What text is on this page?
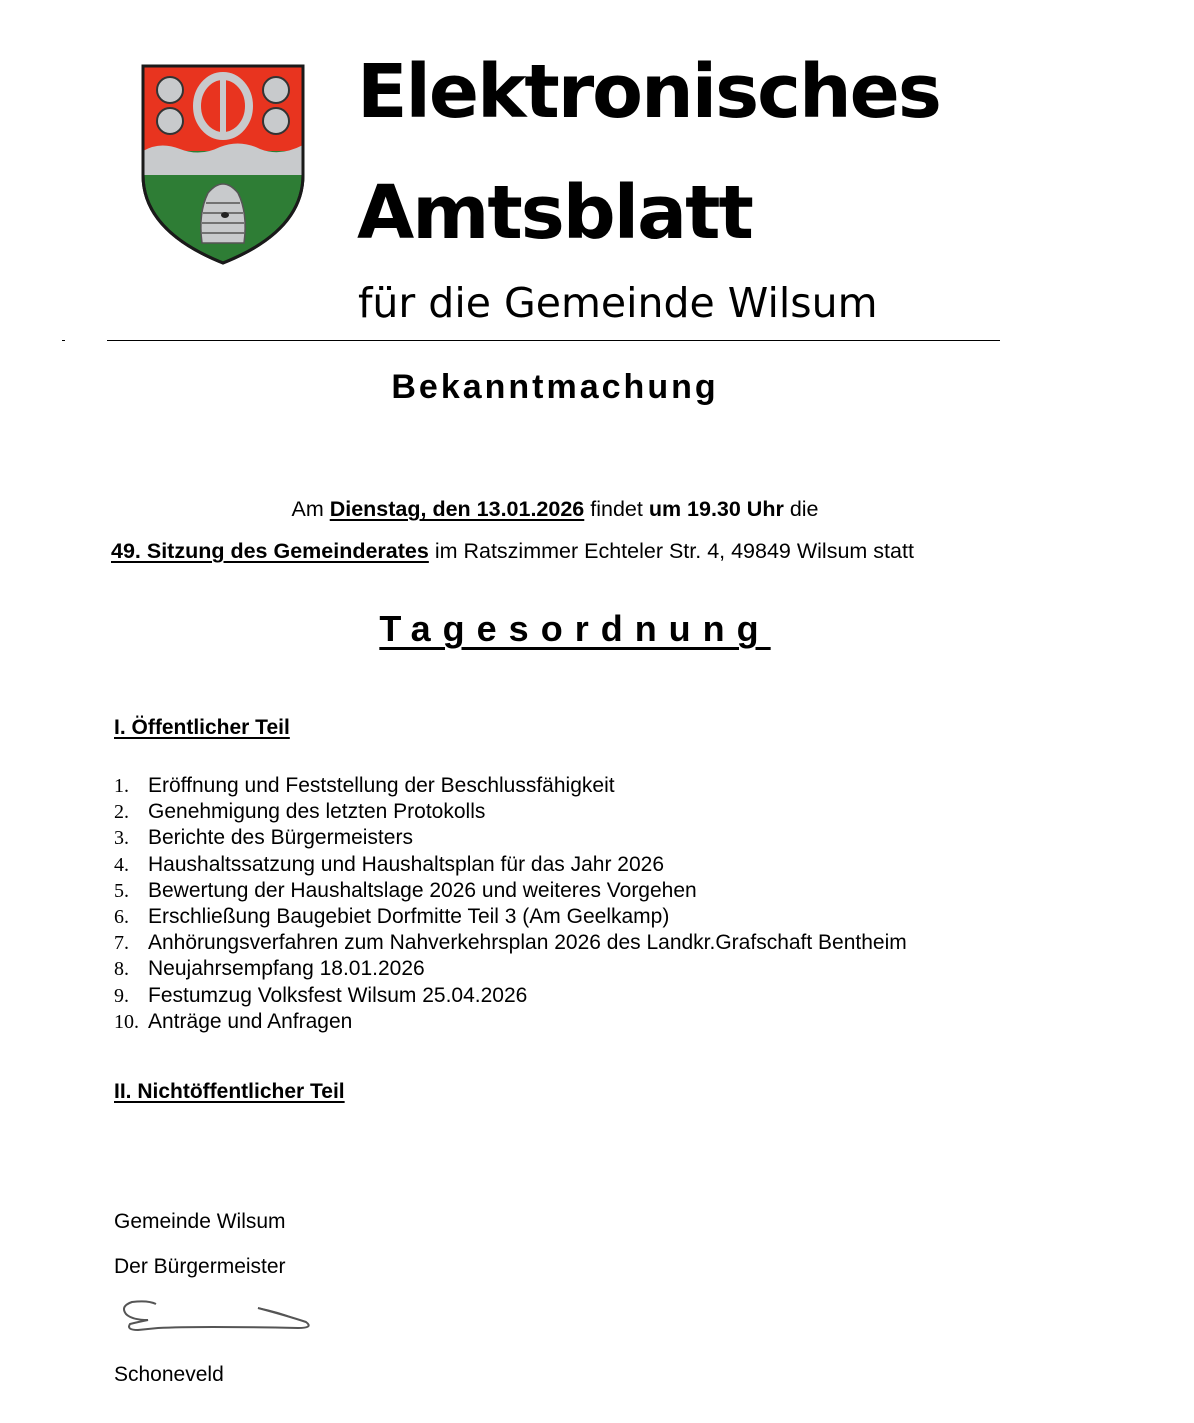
Elektronisches
Amtsblatt
für die Gemeinde Wilsum
Bekanntmachung
Am Dienstag, den 13.01.2026 findet um 19.30 Uhr die
49. Sitzung des Gemeinderates im Ratszimmer Echteler Str. 4, 49849 Wilsum statt
Tagesordnung
I. Öffentlicher Teil
1. Eröffnung und Feststellung der Beschlussfähigkeit
2. Genehmigung des letzten Protokolls
3. Berichte des Bürgermeisters
4. Haushaltssatzung und Haushaltsplan für das Jahr 2026
5. Bewertung der Haushaltslage 2026 und weiteres Vorgehen
6. Erschließung Baugebiet Dorfmitte Teil 3 (Am Geelkamp)
7. Anhörungsverfahren zum Nahverkehrsplan 2026 des Landkr.Grafschaft Bentheim
8. Neujahrsempfang 18.01.2026
9. Festumzug Volksfest Wilsum 25.04.2026
10. Anträge und Anfragen
II. Nichtöffentlicher Teil
Gemeinde Wilsum
Der Bürgermeister
Schoneveld
